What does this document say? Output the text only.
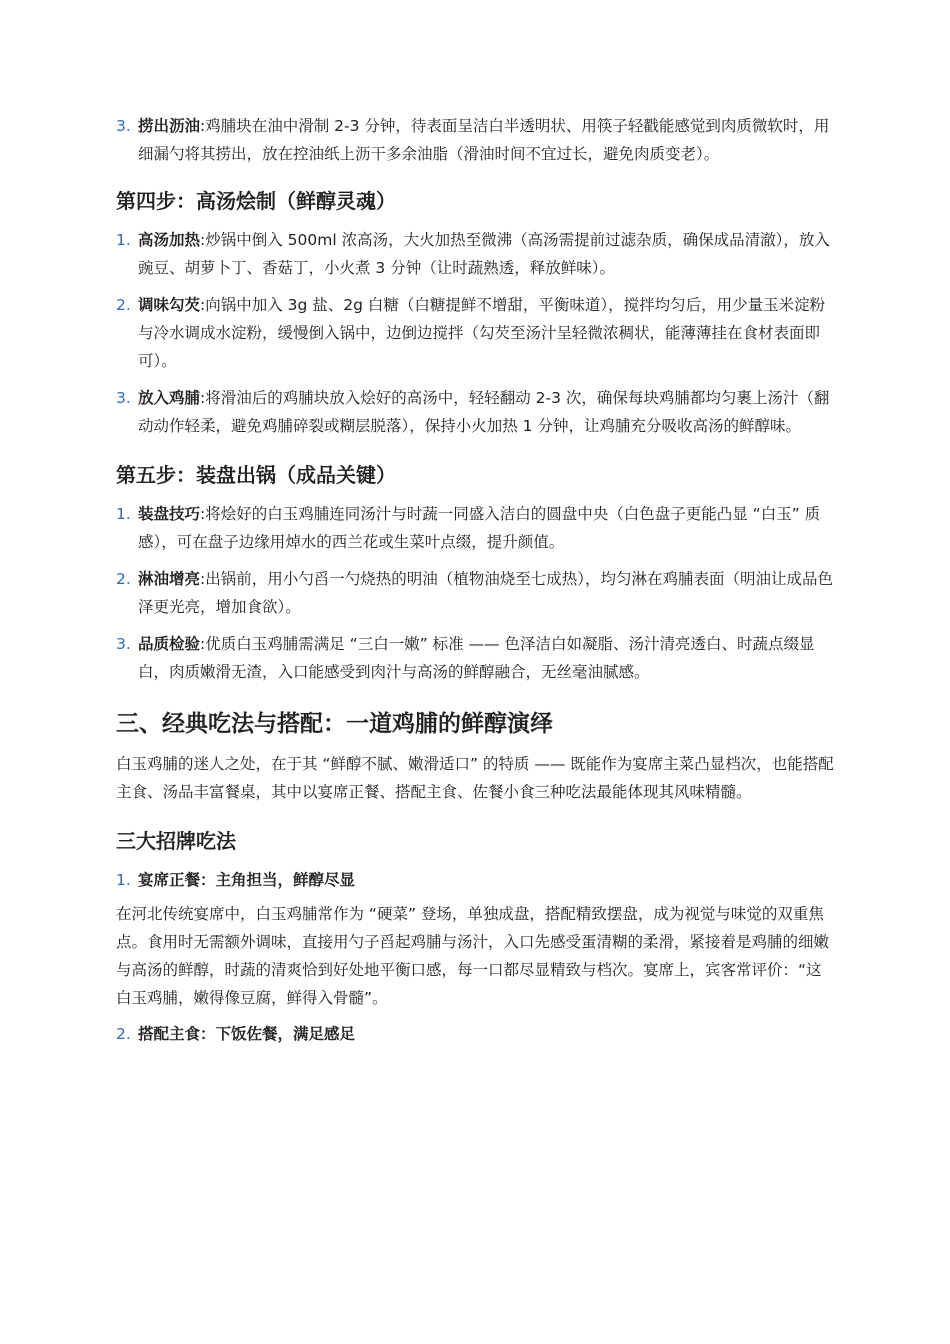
3. 捞出沥油:鸡脯块在油中滑制 2-3 分钟，待表面呈洁白半透明状、用筷子轻戳能感觉到肉质微软时，用细漏勺将其捞出，放在控油纸上沥干多余油脂（滑油时间不宜过长，避免肉质变老）。
第四步：高汤烩制（鲜醇灵魂）
1. 高汤加热:炒锅中倒入 500ml 浓高汤，大火加热至微沸（高汤需提前过滤杂质，确保成品清澈），放入豌豆、胡萝卜丁、香菇丁，小火煮 3 分钟（让时蔬熟透，释放鲜味）。
2. 调味勾芡:向锅中加入 3g 盐、2g 白糖（白糖提鲜不增甜，平衡味道），搅拌均匀后，用少量玉米淀粉与冷水调成水淀粉，缓慢倒入锅中，边倒边搅拌（勾芡至汤汁呈轻微浓稠状，能薄薄挂在食材表面即可）。
3. 放入鸡脯:将滑油后的鸡脯块放入烩好的高汤中，轻轻翻动 2-3 次，确保每块鸡脯都均匀裹上汤汁（翻动动作轻柔，避免鸡脯碎裂或糊层脱落），保持小火加热 1 分钟，让鸡脯充分吸收高汤的鲜醇味。
第五步：装盘出锅（成品关键）
1. 装盘技巧:将烩好的白玉鸡脯连同汤汁与时蔬一同盛入洁白的圆盘中央（白色盘子更能凸显 “白玉” 质感），可在盘子边缘用焯水的西兰花或生菜叶点缀，提升颜值。
2. 淋油增亮:出锅前，用小勺舀一勺烧热的明油（植物油烧至七成热），均匀淋在鸡脯表面（明油让成品色泽更光亮，增加食欲）。
3. 品质检验:优质白玉鸡脯需满足 “三白一嫩” 标准 —— 色泽洁白如凝脂、汤汁清亮透白、时蔬点缀显白，肉质嫩滑无渣，入口能感受到肉汁与高汤的鲜醇融合，无丝毫油腻感。
三、经典吃法与搭配：一道鸡脯的鲜醇演绎

白玉鸡脯的迷人之处，在于其 “鲜醇不腻、嫩滑适口” 的特质 —— 既能作为宴席主菜凸显档次，也能搭配主食、汤品丰富餐桌，其中以宴席正餐、搭配主食、佐餐小食三种吃法最能体现其风味精髓。

三大招牌吃法
1. 宴席正餐：主角担当，鲜醇尽显

在河北传统宴席中，白玉鸡脯常作为 “硬菜” 登场，单独成盘，搭配精致摆盘，成为视觉与味觉的双重焦点。食用时无需额外调味，直接用勺子舀起鸡脯与汤汁，入口先感受蛋清糊的柔滑，紧接着是鸡脯的细嫩与高汤的鲜醇，时蔬的清爽恰到好处地平衡口感，每一口都尽显精致与档次。宴席上，宾客常评价：“这白玉鸡脯，嫩得像豆腐，鲜得入骨髓”。

2. 搭配主食：下饭佐餐，满足感足
